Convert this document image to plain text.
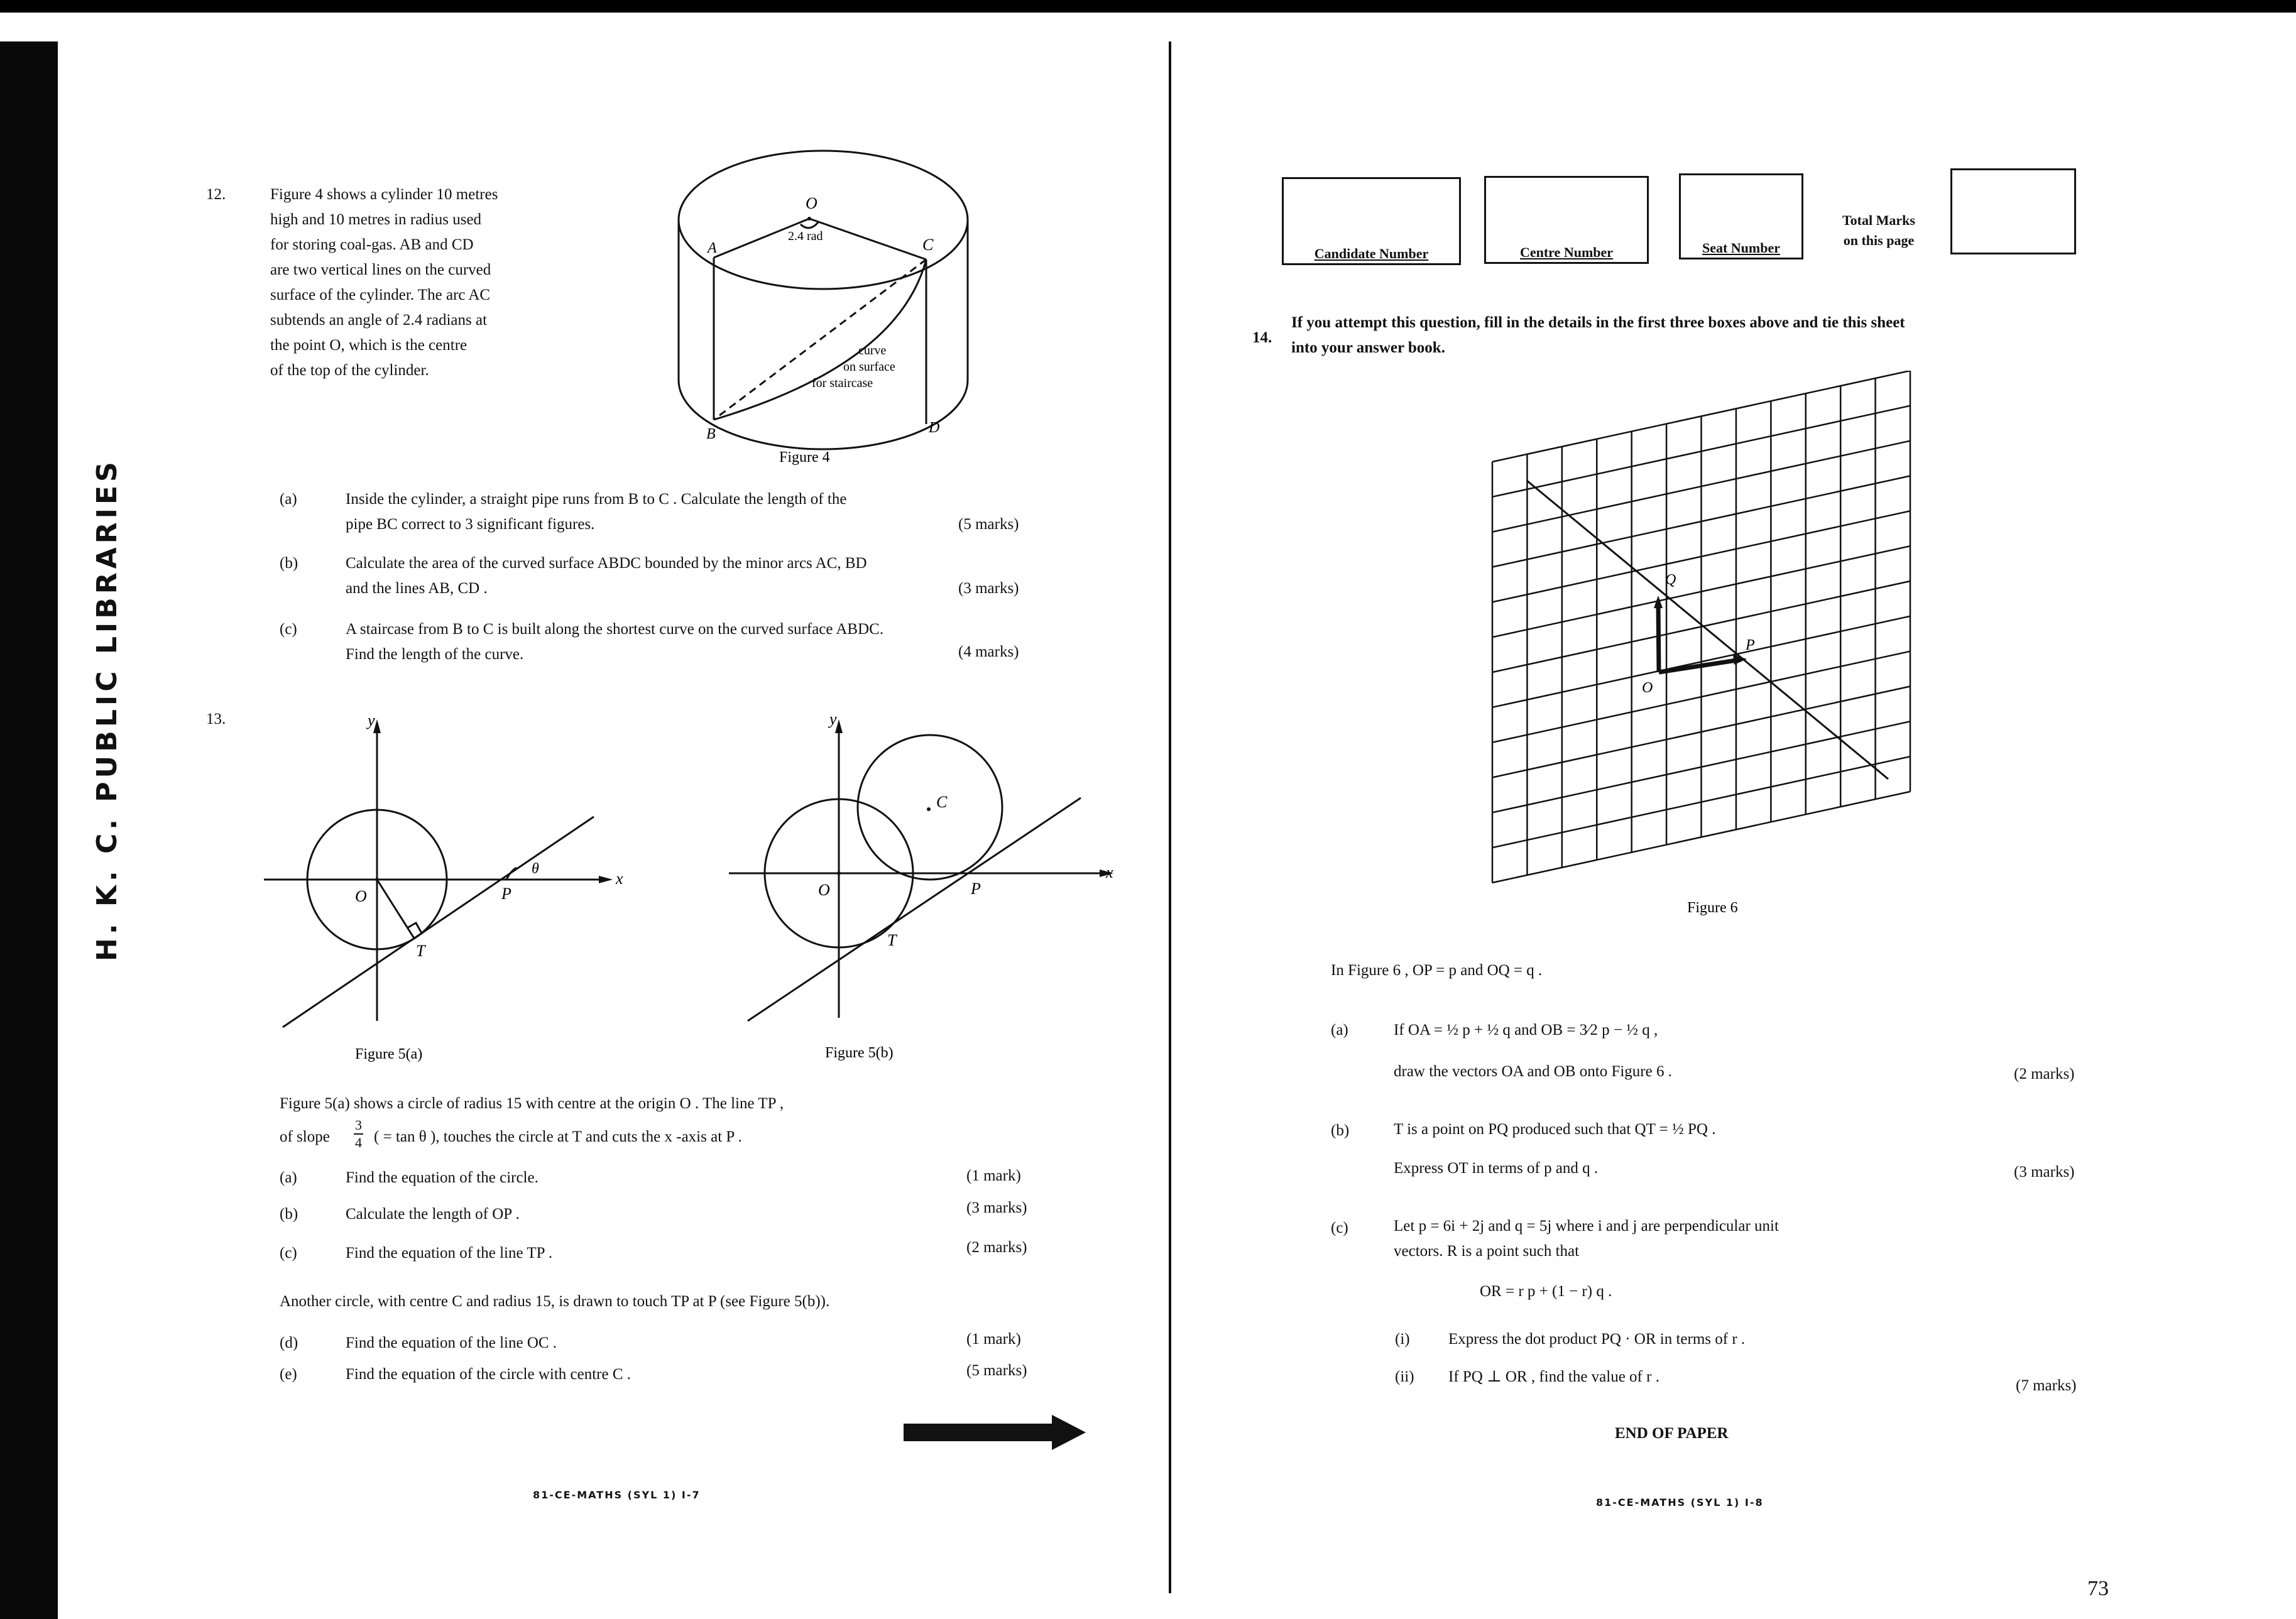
H. K. C. PUBLIC LIBRARIES
12.	Figure 4 shows a cylinder 10 metres
high and 10 metres in radius used
for storing coal-gas. AB and CD
are two vertical lines on the curved
surface of the cylinder. The arc AC
subtends an angle of 2.4 radians at
the point O, which is the centre
of the top of the cylinder.
O
A	C
B	D
2.4 rad
curve
on surface
for staircase
Figure 4
(a)	Inside the cylinder, a straight pipe runs from B to C . Calculate the length of the
pipe BC correct to 3 significant figures.	(5 marks)
(b)	Calculate the area of the curved surface ABDC bounded by the minor arcs AC, BD
and the lines AB, CD .	(3 marks)
(c)	A staircase from B to C is built along the shortest curve on the curved surface ABDC.
Find the length of the curve.	(4 marks)
13.	y
x
O	P
T
θ
Figure 5(a)
y
x
O	P
T
C
Figure 5(b)
Figure 5(a) shows a circle of radius 15 with centre at the origin O . The line TP ,
of slope
3
4 ( = tan θ ), touches the circle at T and cuts the x -axis at P .
(a)	Find the equation of the circle.	(1 mark)
(b)	Calculate the length of OP .	(3 marks)
(c)	Find the equation of the line TP .	(2 marks)
Another circle, with centre C and radius 15, is drawn to touch TP at P (see Figure 5(b)).
(d)	Find the equation of the line OC .	(1 mark)
(e)	Find the equation of the circle with centre C .	(5 marks)
81-CE-MATHS (SYL 1) I-7
Candidate Number	Centre Number	Seat Number
Total Marks
on this page
14.
If you attempt this question, fill in the details in the first three boxes above and tie this sheet
into your answer book.
Q
P
O
Figure 6
In Figure 6 , OP = p and OQ = q .
(a)	If OA = ½ p + ½ q and OB = 3⁄2 p − ½ q ,
draw the vectors OA and OB onto Figure 6 .	(2 marks)
(b)	T is a point on PQ produced such that QT = ½ PQ .
Express OT in terms of p and q .	(3 marks)
(c)	Let p = 6i + 2j and q = 5j where i and j are perpendicular unit
vectors. R is a point such that
OR = r p + (1 − r) q .
(i) Express the dot product PQ · OR in terms of r .
(ii) If PQ ⊥ OR , find the value of r .
(7 marks)
END OF PAPER
81-CE-MATHS (SYL 1) I-8
73
